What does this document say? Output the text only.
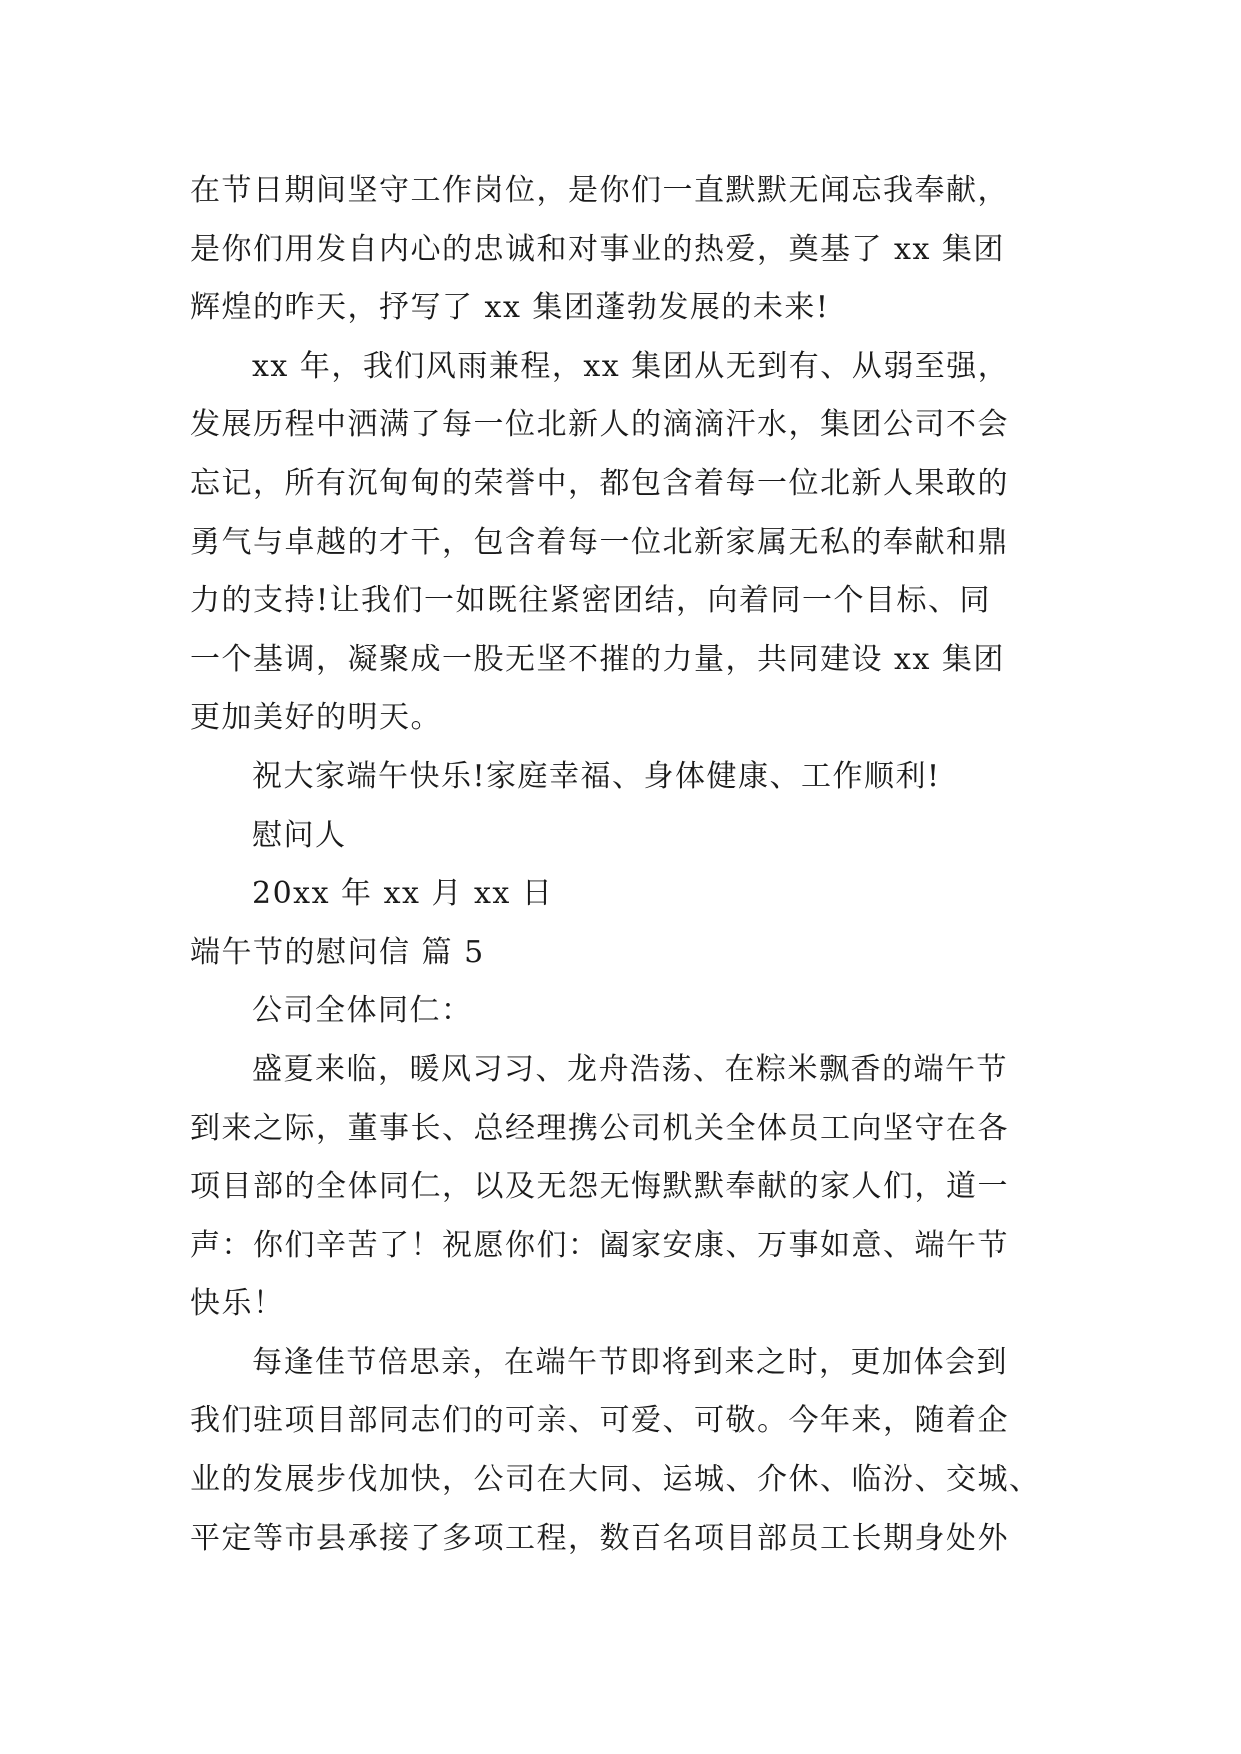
在节日期间坚守工作岗位，是你们一直默默无闻忘我奉献，
是你们用发自内心的忠诚和对事业的热爱，奠基了 xx 集团
辉煌的昨天，抒写了 xx 集团蓬勃发展的未来!
xx 年，我们风雨兼程，xx 集团从无到有、从弱至强，
发展历程中洒满了每一位北新人的滴滴汗水，集团公司不会
忘记，所有沉甸甸的荣誉中，都包含着每一位北新人果敢的
勇气与卓越的才干，包含着每一位北新家属无私的奉献和鼎
力的支持!让我们一如既往紧密团结，向着同一个目标、同
一个基调，凝聚成一股无坚不摧的力量，共同建设 xx 集团
更加美好的明天。
祝大家端午快乐!家庭幸福、身体健康、工作顺利!
慰问人
20xx 年 xx 月 xx 日
端午节的慰问信 篇 5
公司全体同仁：
盛夏来临，暖风习习、龙舟浩荡、在粽米飘香的端午节
到来之际，董事长、总经理携公司机关全体员工向坚守在各
项目部的全体同仁，以及无怨无悔默默奉献的家人们，道一
声：你们辛苦了！祝愿你们：阖家安康、万事如意、端午节
快乐！
每逢佳节倍思亲，在端午节即将到来之时，更加体会到
我们驻项目部同志们的可亲、可爱、可敬。今年来，随着企
业的发展步伐加快，公司在大同、运城、介休、临汾、交城、
平定等市县承接了多项工程，数百名项目部员工长期身处外
